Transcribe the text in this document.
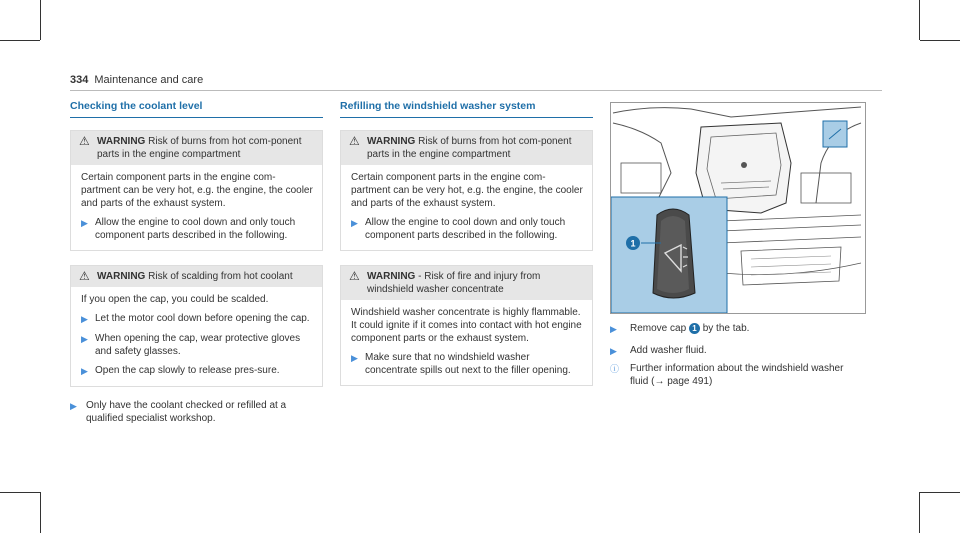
334 Maintenance and care
Checking the coolant level
⚠ WARNING Risk of burns from hot com-ponent parts in the engine compartment

Certain component parts in the engine com-partment can be very hot, e.g. the engine, the cooler and parts of the exhaust system.

▶ Allow the engine to cool down and only touch component parts described in the following.
⚠ WARNING Risk of scalding from hot coolant

If you open the cap, you could be scalded.

▶ Let the motor cool down before opening the cap.
▶ When opening the cap, wear protective gloves and safety glasses.
▶ Open the cap slowly to release pres-sure.
▶ Only have the coolant checked or refilled at a qualified specialist workshop.
Refilling the windshield washer system
⚠ WARNING Risk of burns from hot com-ponent parts in the engine compartment

Certain component parts in the engine com-partment can be very hot, e.g. the engine, the cooler and parts of the exhaust system.

▶ Allow the engine to cool down and only touch component parts described in the following.
⚠ WARNING - Risk of fire and injury from windshield washer concentrate

Windshield washer concentrate is highly flammable. It could ignite if it comes into contact with hot engine component parts or the exhaust system.

▶ Make sure that no windshield washer concentrate spills out next to the filler opening.
1
▶	Remove cap 1 by the tab.
▶	Add washer fluid.
ⓘ	Further information about the windshield washer fluid (→ page 491)
